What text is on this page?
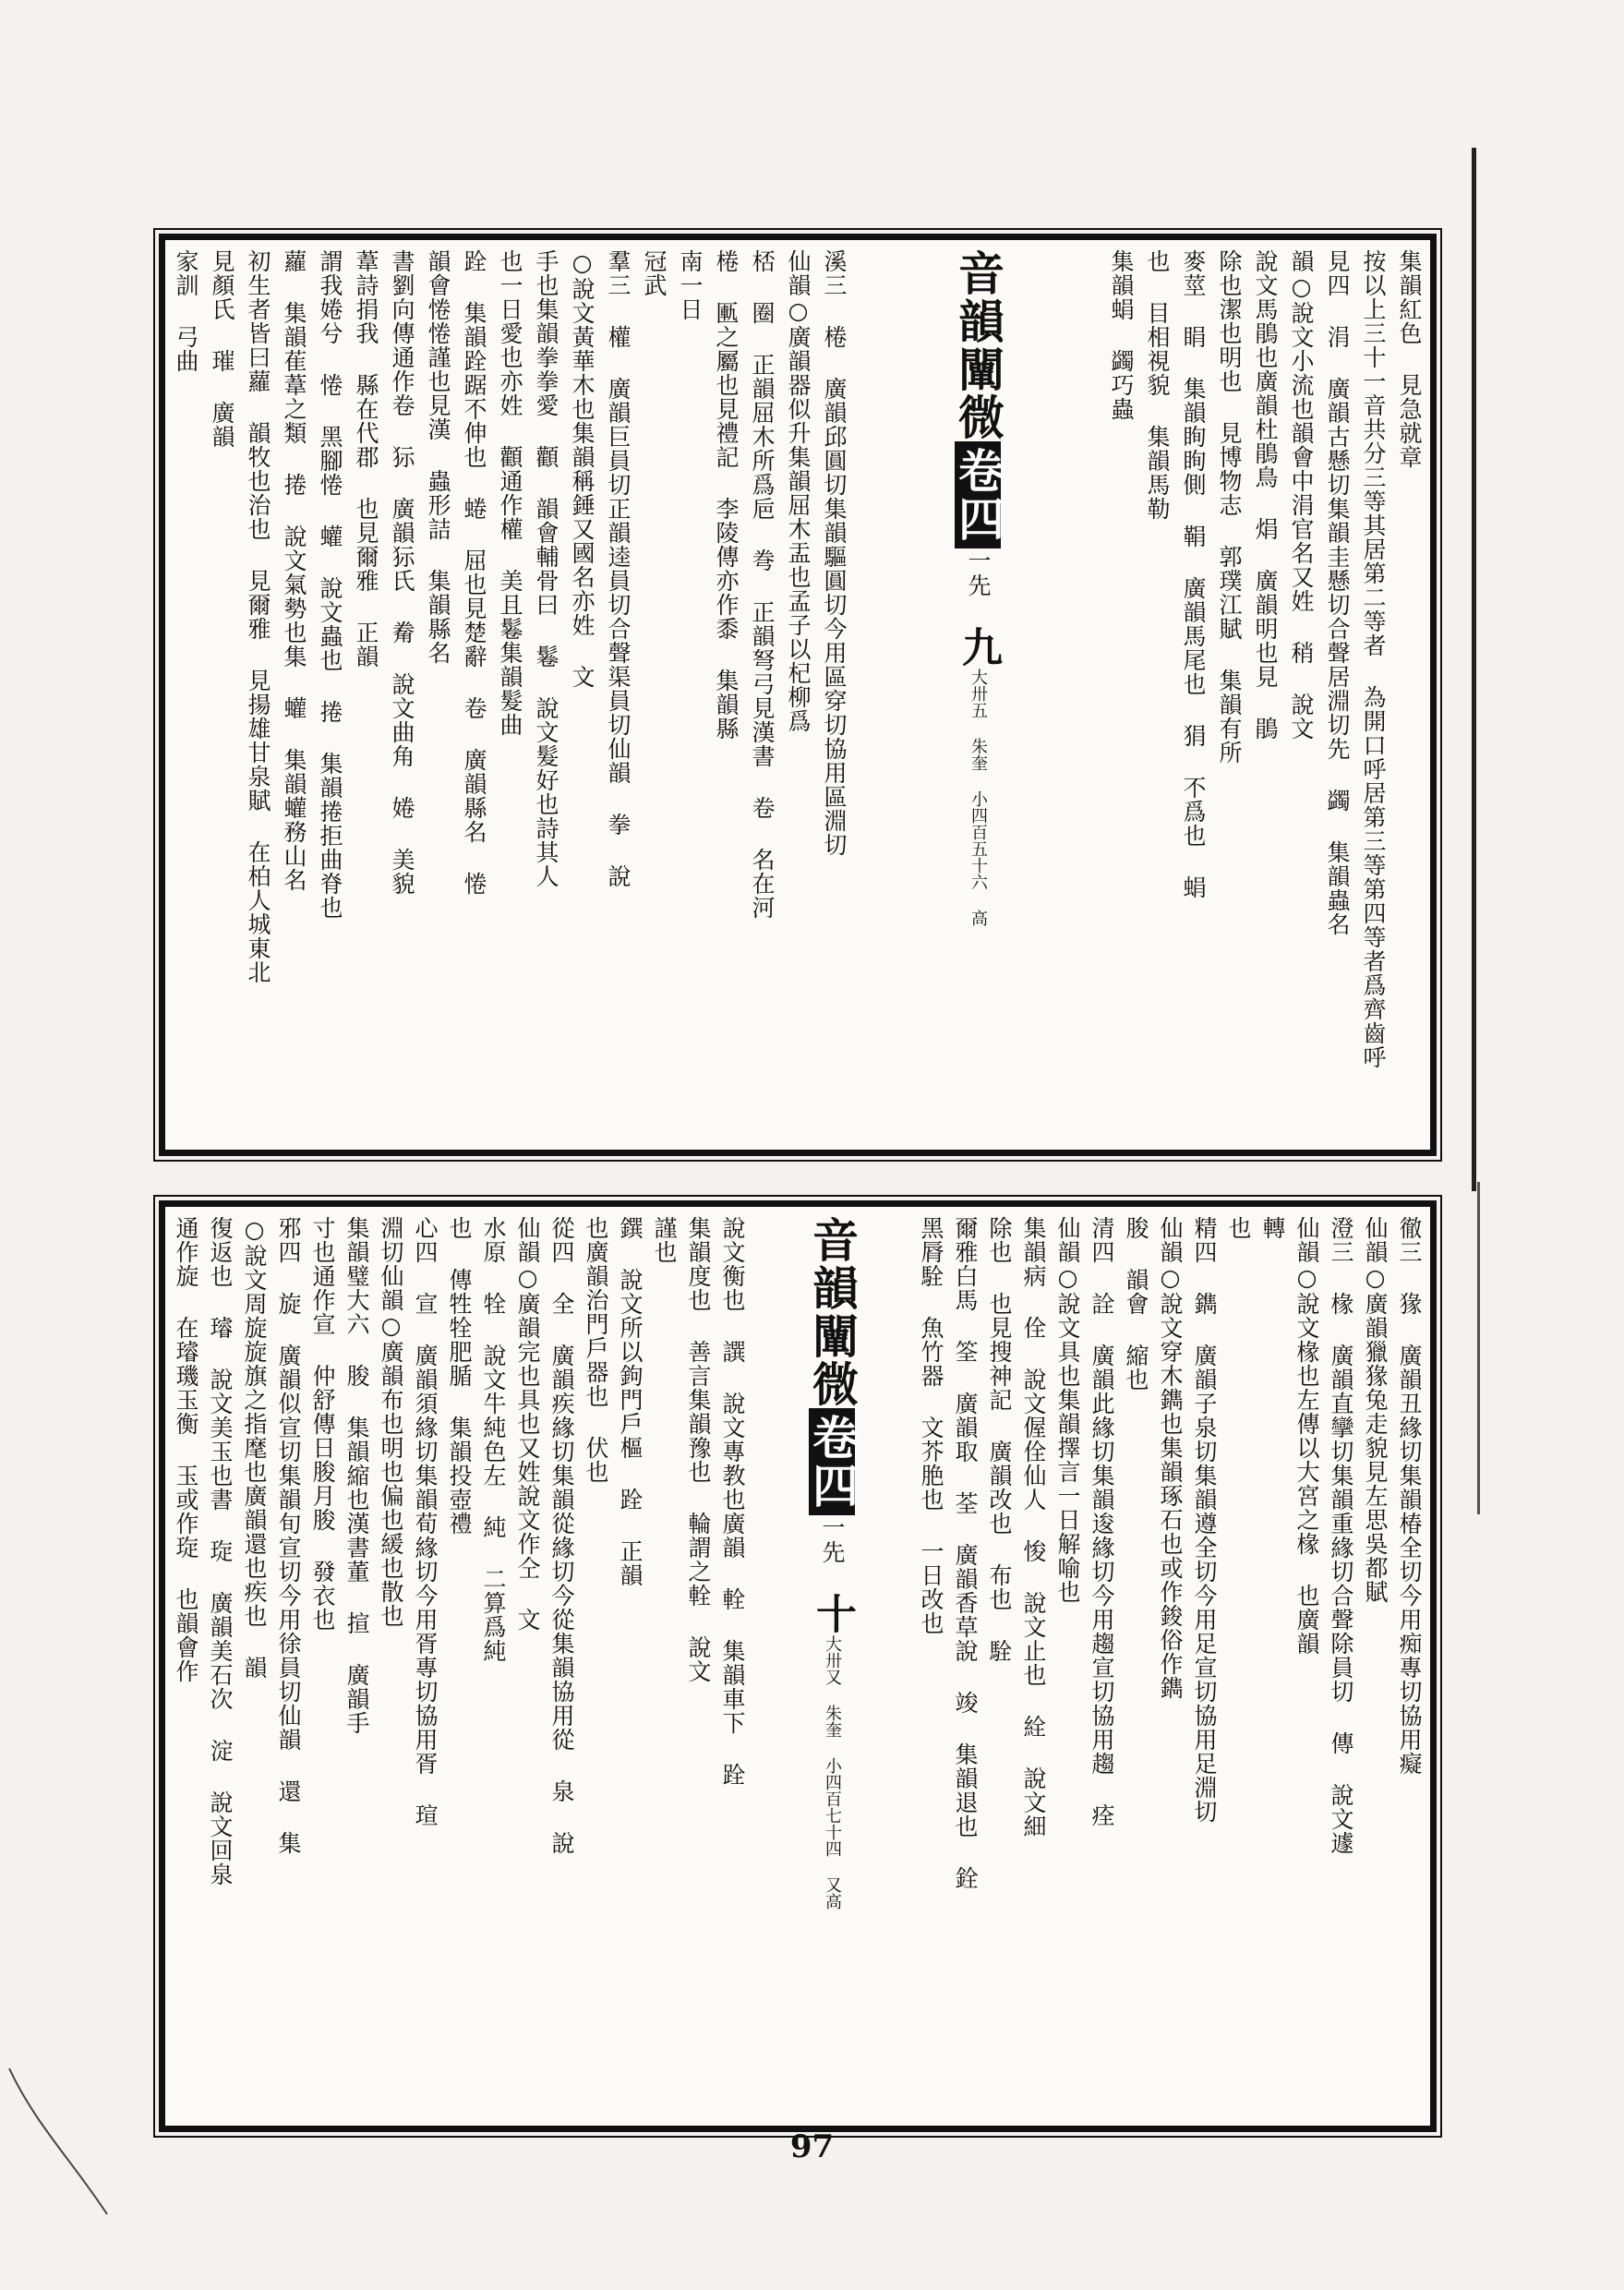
集韻紅色 見急就章
按以上三十一音共分三等其居第二等者 為開口呼居第三等第四等者爲齊齒呼
見四 涓 廣韻古懸切集韻圭懸切合聲居淵切先 蠲 集韻蟲名
韻○說文小流也韻會中涓官名又姓 稍 說文
說文馬鵑也廣韻杜鵑鳥 焆 廣韻明也見 鵑
除也潔也明也 見博物志 郭璞江賦 集韻有所
麥莖 睊 集韻眴眴側 鞙 廣韻馬尾也 狷 不爲也 蜎
也 目相視貌 集韻馬勒
集韻蜎 蠲巧蟲
音韻闡微卷四一先九大卅五 朱奎 小四百五十六 高
溪三 棬 廣韻邱圓切集韻驅圓切今用區穿切協用區淵切
仙韻○廣韻器似升集韻屈木盂也孟子以杞柳爲
桮 圈 正韻屈木所爲巵 弮 正韻弩弓見漢書 卷 名在河
棬 匭之屬也見禮記 李陵傳亦作黍 集韻縣
南一日
冠武
羣三 權 廣韻巨員切正韻逵員切合聲渠員切仙韻 拳 說
○說文黃華木也集韻稱錘又國名亦姓 文
手也集韻拳拳愛 顴 韻會輔骨曰 鬈 說文髮好也詩其人
也一日愛也亦姓 顴通作權 美且鬈集韻髮曲
跧 集韻跧踞不伸也 蜷 屈也見楚辭 卷 廣韻縣名 惓
韻會惓惓謹也見漢 蟲形詰 集韻縣名
書劉向傳通作卷 狋 廣韻狋氏 觠 說文曲角 婘 美貌
葦詩捐我 縣在代郡 也見爾雅 正韻
謂我婘兮 惓 黑腳惓 蠸 說文蟲也 捲 集韻捲拒曲脊也
蘿 集韻萑葦之類 捲 說文氣勢也集 蠸 集韻蠸務山名
初生者皆曰蘿 韻牧也治也 見爾雅 見揚雄甘泉賦 在柏人城東北
見顏氏 璀 廣韻
家訓 弓曲
徹三 猭 廣韻丑緣切集韻椿全切今用痴專切協用癡
仙韻○廣韻獵猭兔走貌見左思吳都賦
澄三 椽 廣韻直攣切集韻重緣切合聲除員切 傳 說文遽
仙韻○說文椽也左傳以大宮之椽 也廣韻
轉
也
精四 鐫 廣韻子泉切集韻遵全切今用足宣切協用足淵切
仙韻○說文穿木鐫也集韻琢石也或作鋑俗作鐫
朘 韻會 縮也
清四 詮 廣韻此緣切集韻逡緣切今用趨宣切協用趨 痊
仙韻○說文具也集韻擇言一日解喻也
集韻病 佺 說文偓佺仙人 悛 說文止也 絟 說文細
除也 也見搜神記 廣韻改也 布也 駩
爾雅白馬 筌 廣韻取 荃 廣韻香草說 竣 集韻退也 銓
黑脣駩 魚竹器 文芥脃也 一日改也
音韻闡微卷四一先十大卅又 朱奎 小四百七十四 又高
說文衡也 譔 說文專教也廣韻 輇 集韻車下 跧
集韻度也 善言集韻豫也 輪謂之輇 說文
謹也
鐉 說文所以鉤門戶樞 跧 正韻
也廣韻治門戶器也 伏也
從四 全 廣韻疾緣切集韻從緣切今從集韻協用從 泉 說
仙韻○廣韻完也具也又姓說文作仝 文
水原 牷 說文牛純色左 純 二算爲純
也 傳牲牷肥腯 集韻投壺禮
心四 宣 廣韻須緣切集韻荀緣切今用胥專切協用胥 瑄
淵切仙韻○廣韻布也明也偏也緩也散也
集韻璧大六 朘 集韻縮也漢書董 揎 廣韻手
寸也通作宣 仲舒傳日朘月朘 發衣也
邪四 旋 廣韻似宣切集韻旬宣切今用徐員切仙韻 還 集
○說文周旋旋旗之指麾也廣韻還也疾也 韻
復返也 璿 說文美玉也書 琁 廣韻美石次 淀 說文回泉
通作旋 在璿璣玉衡 玉或作琁 也韻會作
97
